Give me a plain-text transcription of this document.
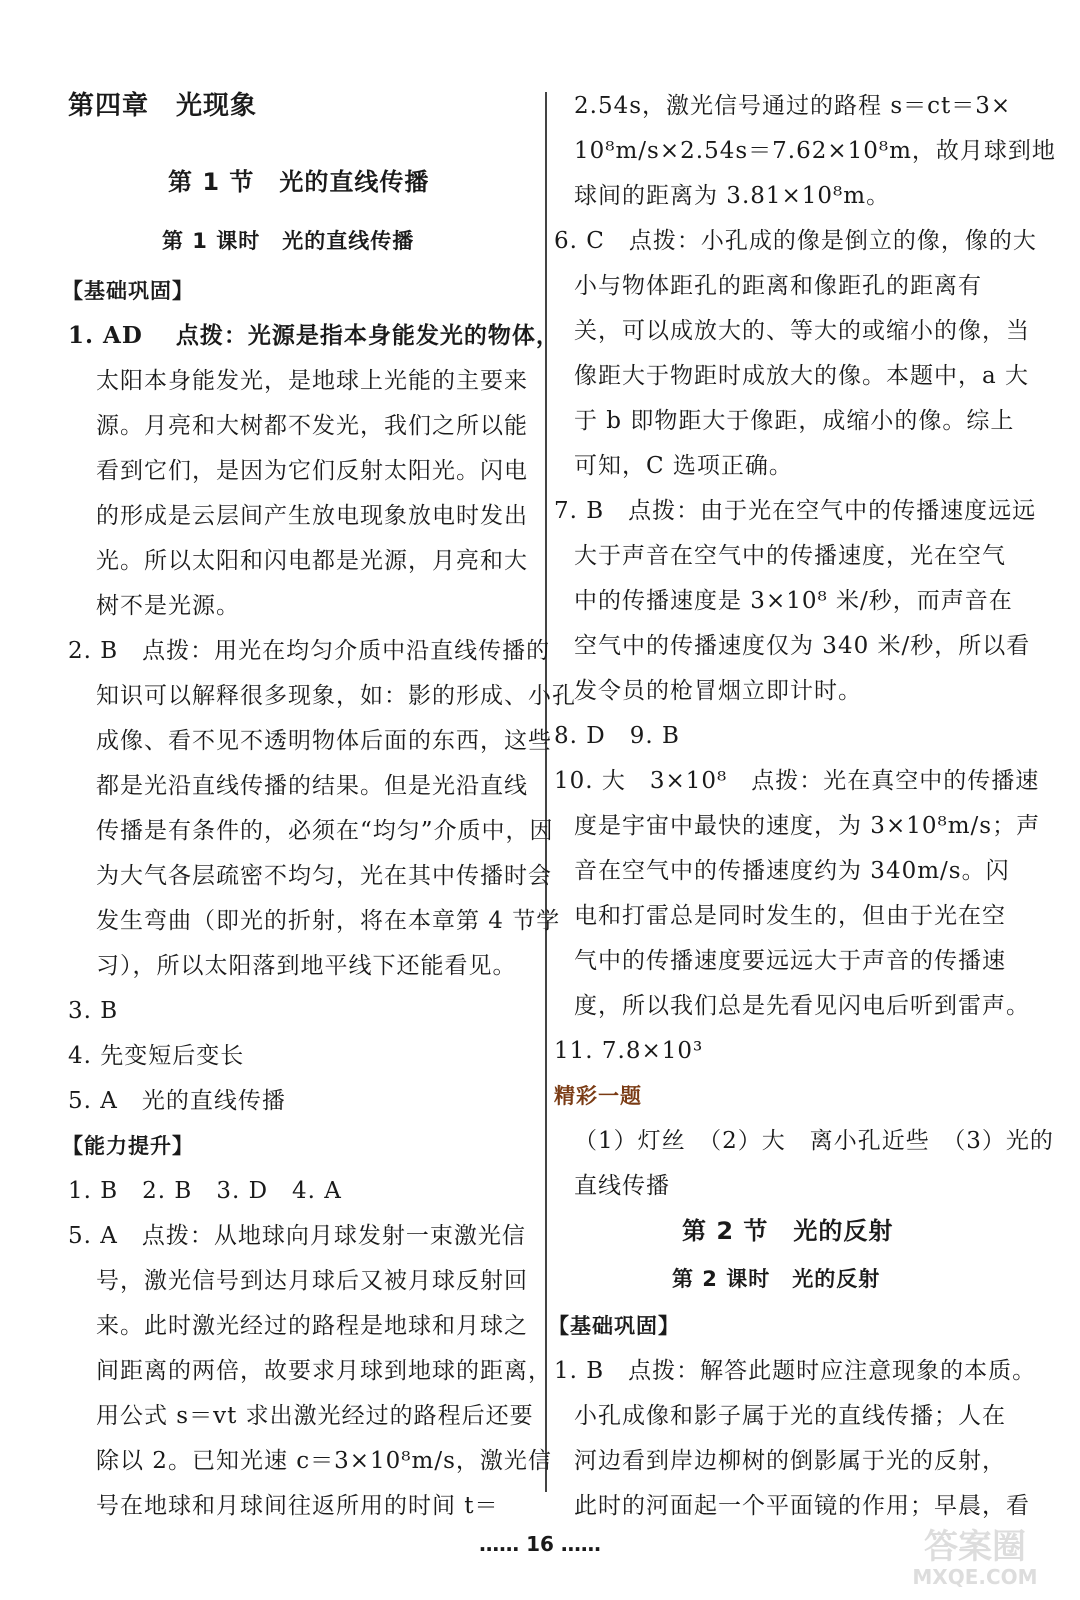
第四章　光现象
第 1 节　光的直线传播
第 1 课时　光的直线传播
【基础巩固】
1. AD　 点拨：光源是指本身能发光的物体，
太阳本身能发光，是地球上光能的主要来
源。月亮和大树都不发光，我们之所以能
看到它们，是因为它们反射太阳光。闪电
的形成是云层间产生放电现象放电时发出
光。所以太阳和闪电都是光源，月亮和大
树不是光源。
2. B　点拨：用光在均匀介质中沿直线传播的
知识可以解释很多现象，如：影的形成、小孔
成像、看不见不透明物体后面的东西，这些
都是光沿直线传播的结果。但是光沿直线
传播是有条件的，必须在“均匀”介质中，因
为大气各层疏密不均匀，光在其中传播时会
发生弯曲（即光的折射，将在本章第 4 节学
习），所以太阳落到地平线下还能看见。
3. B
4. 先变短后变长
5. A　光的直线传播
【能力提升】
1. B　2. B　3. D　4. A
5. A　点拨：从地球向月球发射一束激光信
号，激光信号到达月球后又被月球反射回
来。此时激光经过的路程是地球和月球之
间距离的两倍，故要求月球到地球的距离，
用公式 s＝vt 求出激光经过的路程后还要
除以 2。已知光速 c＝3×10⁸m/s，激光信
号在地球和月球间往返所用的时间 t＝
2.54s，激光信号通过的路程 s＝ct＝3×
10⁸m/s×2.54s＝7.62×10⁸m，故月球到地
球间的距离为 3.81×10⁸m。
6. C　点拨：小孔成的像是倒立的像，像的大
小与物体距孔的距离和像距孔的距离有
关，可以成放大的、等大的或缩小的像，当
像距大于物距时成放大的像。本题中，a 大
于 b 即物距大于像距，成缩小的像。综上
可知，C 选项正确。
7. B　点拨：由于光在空气中的传播速度远远
大于声音在空气中的传播速度，光在空气
中的传播速度是 3×10⁸ 米/秒，而声音在
空气中的传播速度仅为 340 米/秒，所以看
发令员的枪冒烟立即计时。
8. D　9. B
10. 大　3×10⁸　点拨：光在真空中的传播速
度是宇宙中最快的速度，为 3×10⁸m/s；声
音在空气中的传播速度约为 340m/s。闪
电和打雷总是同时发生的，但由于光在空
气中的传播速度要远远大于声音的传播速
度，所以我们总是先看见闪电后听到雷声。
11. 7.8×10³
精彩一题
（1）灯丝　（2）大　离小孔近些　（3）光的
直线传播
第 2 节　光的反射
第 2 课时　光的反射
【基础巩固】
1. B　点拨：解答此题时应注意现象的本质。
小孔成像和影子属于光的直线传播；人在
河边看到岸边柳树的倒影属于光的反射，
此时的河面起一个平面镜的作用；早晨，看
…… 16 ……	答案圈
MXQE.COM
